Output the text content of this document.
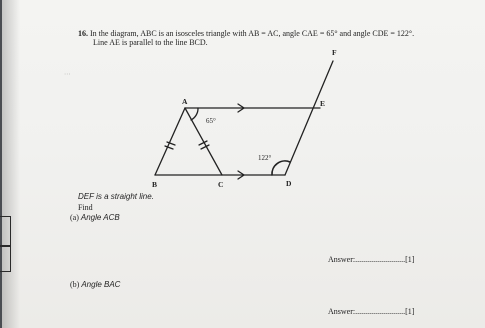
⋯
16. In the diagram, ABC is an isosceles triangle with AB = AC, angle CAE = 65° and angle CDE = 122°.
Line AE is parallel to the line BCD.
A
B	C	D
E
F
65°
122°
DEF is a straight line.
Find
(a) Angle ACB
Answer:.........................[1]
(b) Angle BAC
Answer:.........................[1]
